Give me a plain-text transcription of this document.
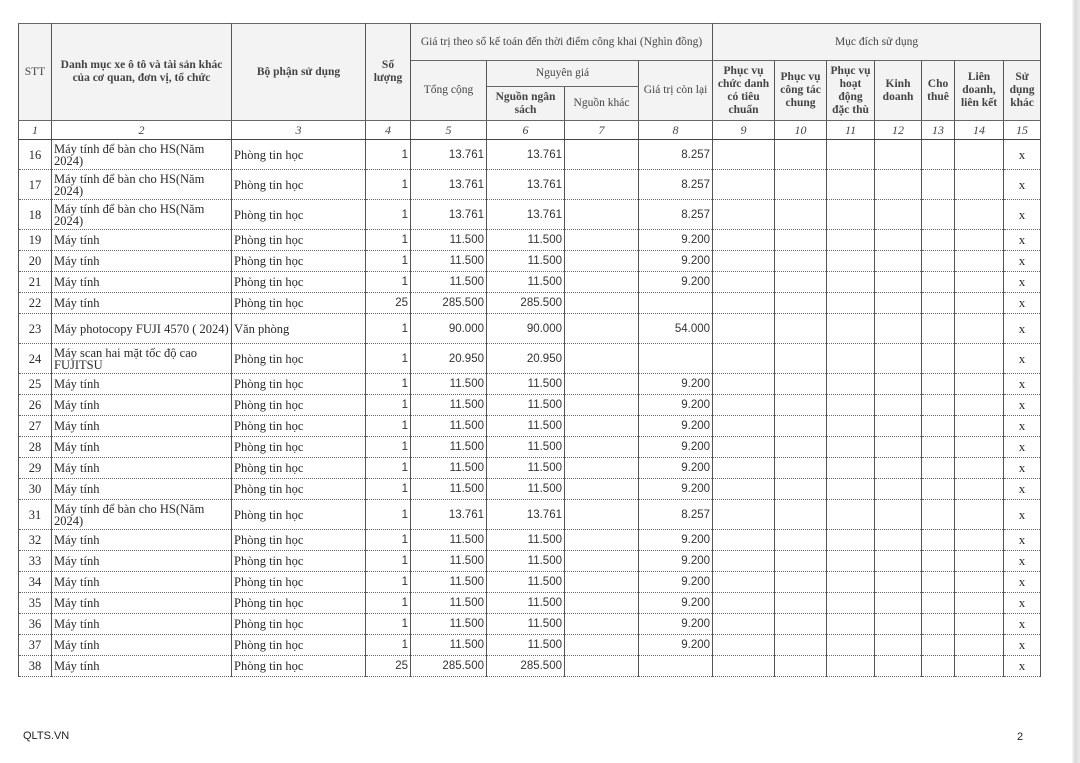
STT	Danh mục xe ô tô và tài sản khác của cơ quan, đơn vị, tổ chức	Bộ phận sử dụng	Số lượng	Giá trị theo sổ kế toán đến thời điểm công khai (Nghìn đồng)				Mục đích sử dụng						
				Tổng cộng	Nguyên giá		Giá trị còn lại	Phục vụ chức danh có tiêu chuẩn	Phục vụ công tác chung	Phục vụ hoạt động đặc thù	Kinh doanh	Cho thuê	Liên doanh, liên kết	Sử dụng khác
					Nguồn ngân sách	Nguồn khác								
1	2	3	4	5	6	7	8	9	10	11	12	13	14	15
16	Máy tính để bàn cho HS(Năm 2024)	Phòng tin học	1	13.761	13.761		8.257							x
17	Máy tính để bàn cho HS(Năm 2024)	Phòng tin học	1	13.761	13.761		8.257							x
18	Máy tính để bàn cho HS(Năm 2024)	Phòng tin học	1	13.761	13.761		8.257							x
19	Máy tính	Phòng tin học	1	11.500	11.500		9.200							x
20	Máy tính	Phòng tin học	1	11.500	11.500		9.200							x
21	Máy tính	Phòng tin học	1	11.500	11.500		9.200							x
22	Máy tính	Phòng tin học	25	285.500	285.500									x
23	Máy photocopy FUJI 4570 ( 2024)	Văn phòng	1	90.000	90.000		54.000							x
24	Máy scan hai mặt tốc độ cao FUJITSU	Phòng tin học	1	20.950	20.950									x
25	Máy tính	Phòng tin học	1	11.500	11.500		9.200							x
26	Máy tính	Phòng tin học	1	11.500	11.500		9.200							x
27	Máy tính	Phòng tin học	1	11.500	11.500		9.200							x
28	Máy tính	Phòng tin học	1	11.500	11.500		9.200							x
29	Máy tính	Phòng tin học	1	11.500	11.500		9.200							x
30	Máy tính	Phòng tin học	1	11.500	11.500		9.200							x
31	Máy tính để bàn cho HS(Năm 2024)	Phòng tin học	1	13.761	13.761		8.257							x
32	Máy tính	Phòng tin học	1	11.500	11.500		9.200							x
33	Máy tính	Phòng tin học	1	11.500	11.500		9.200							x
34	Máy tính	Phòng tin học	1	11.500	11.500		9.200							x
35	Máy tính	Phòng tin học	1	11.500	11.500		9.200							x
36	Máy tính	Phòng tin học	1	11.500	11.500		9.200							x
37	Máy tính	Phòng tin học	1	11.500	11.500		9.200							x
38	Máy tính	Phòng tin học	25	285.500	285.500									x
QLTS.VN	2
